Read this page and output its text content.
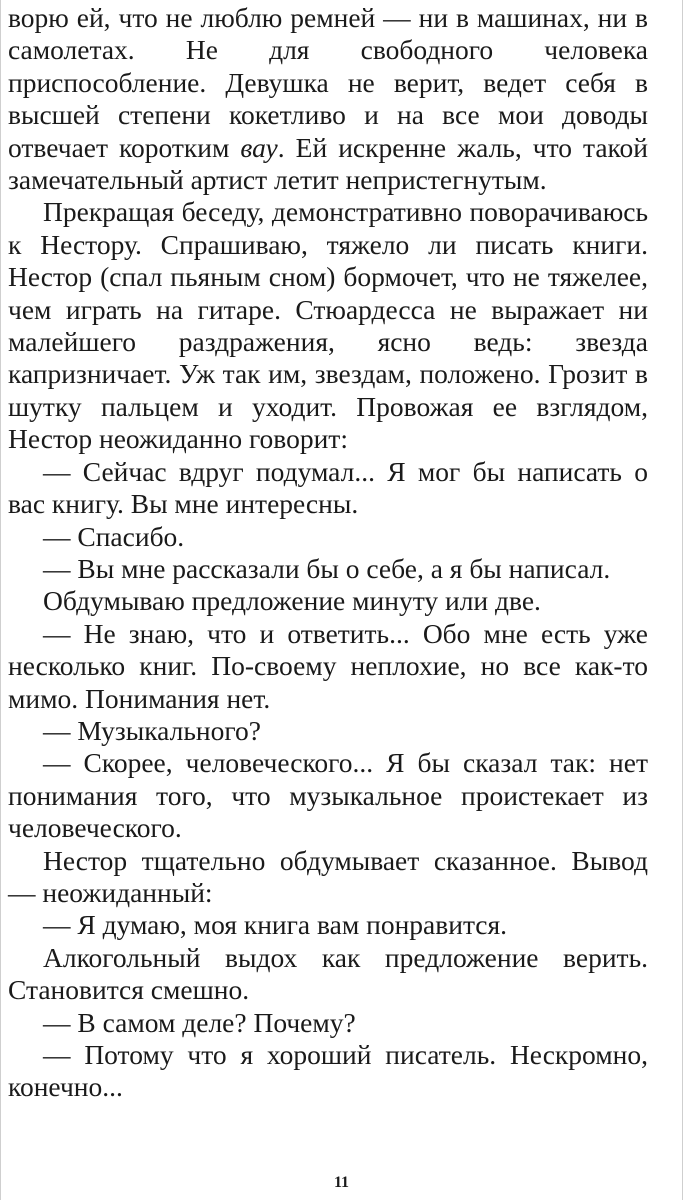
ворю ей, что не люблю ремней — ни в машинах, ни в самолетах. Не для свободного человека приспособление. Девушка не верит, ведет себя в высшей степени кокетливо и на все мои доводы отвечает коротким вау. Ей искренне жаль, что такой замечательный артист летит непристегнутым.

Прекращая беседу, демонстративно поворачиваюсь к Нестору. Спрашиваю, тяжело ли писать книги. Нестор (спал пьяным сном) бормочет, что не тяжелее, чем играть на гитаре. Стюардесса не выражает ни малейшего раздражения, ясно ведь: звезда капризничает. Уж так им, звездам, положено. Грозит в шутку пальцем и уходит. Провожая ее взглядом, Нестор неожиданно говорит:

— Сейчас вдруг подумал... Я мог бы написать о вас книгу. Вы мне интересны.

— Спасибо.

— Вы мне рассказали бы о себе, а я бы написал.

Обдумываю предложение минуту или две.

— Не знаю, что и ответить... Обо мне есть уже несколько книг. По-своему неплохие, но все как-то мимо. Понимания нет.

— Музыкального?

— Скорее, человеческого... Я бы сказал так: нет понимания того, что музыкальное проистекает из человеческого.

Нестор тщательно обдумывает сказанное. Вывод — неожиданный:

— Я думаю, моя книга вам понравится.

Алкогольный выдох как предложение верить. Становится смешно.

— В самом деле? Почему?

— Потому что я хороший писатель. Нескромно, конечно...

11
